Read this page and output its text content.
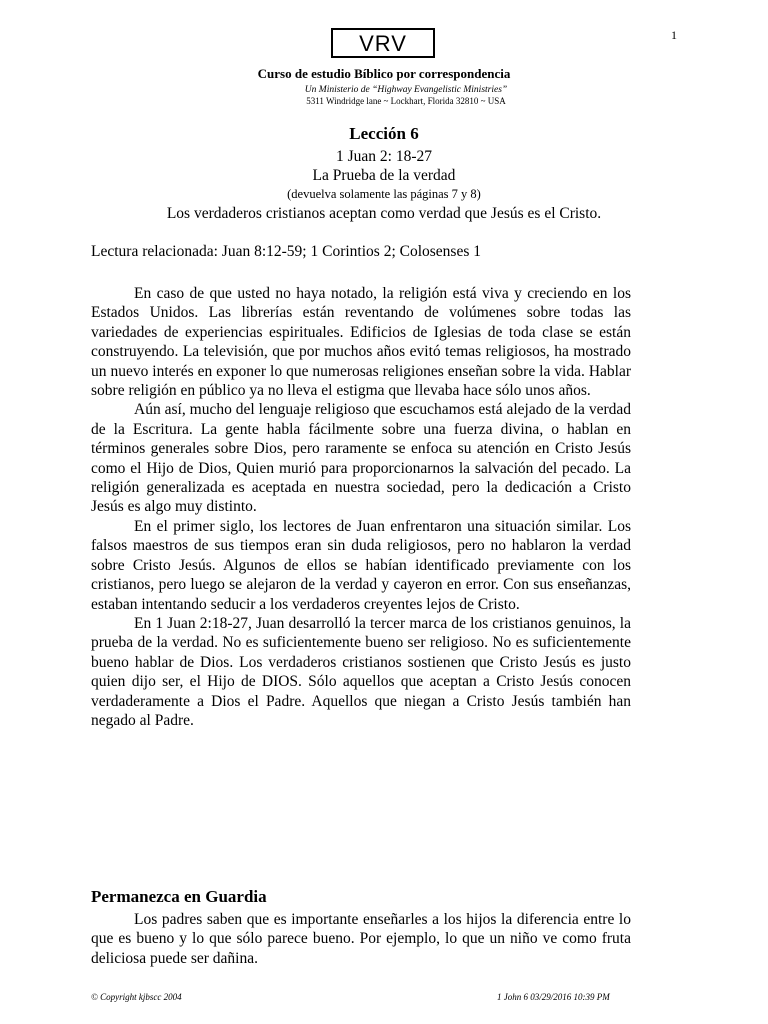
1
VRV
Curso de estudio Bíblico por correspondencia
Un Ministerio de “Highway Evangelistic Ministries”
5311 Windridge lane ~ Lockhart, Florida 32810 ~ USA
Lección 6
1 Juan 2: 18-27
La Prueba de la verdad
(devuelva solamente las páginas 7 y 8)
Los verdaderos cristianos aceptan como verdad que Jesús es el Cristo.
Lectura relacionada: Juan 8:12-59; 1 Corintios 2; Colosenses 1

En caso de que usted no haya notado, la religión está viva y creciendo en los Estados Unidos. Las librerías están reventando de volúmenes sobre todas las variedades de experiencias espirituales. Edificios de Iglesias de toda clase se están construyendo. La televisión, que por muchos años evitó temas religiosos, ha mostrado un nuevo interés en exponer lo que numerosas religiones enseñan sobre la vida. Hablar sobre religión en público ya no lleva el estigma que llevaba hace sólo unos años.

Aún así, mucho del lenguaje religioso que escuchamos está alejado de la verdad de la Escritura. La gente habla fácilmente sobre una fuerza divina, o hablan en términos generales sobre Dios, pero raramente se enfoca su atención en Cristo Jesús como el Hijo de Dios, Quien murió para proporcionarnos la salvación del pecado. La religión generalizada es aceptada en nuestra sociedad, pero la dedicación a Cristo Jesús es algo muy distinto.

En el primer siglo, los lectores de Juan enfrentaron una situación similar. Los falsos maestros de sus tiempos eran sin duda religiosos, pero no hablaron la verdad sobre Cristo Jesús. Algunos de ellos se habían identificado previamente con los cristianos, pero luego se alejaron de la verdad y cayeron en error. Con sus enseñanzas, estaban intentando seducir a los verdaderos creyentes lejos de Cristo.

En 1 Juan 2:18-27, Juan desarrolló la tercer marca de los cristianos genuinos, la prueba de la verdad. No es suficientemente bueno ser religioso. No es suficientemente bueno hablar de Dios. Los verdaderos cristianos sostienen que Cristo Jesús es justo quien dijo ser, el Hijo de DIOS. Sólo aquellos que aceptan a Cristo Jesús conocen verdaderamente a Dios el Padre. Aquellos que niegan a Cristo Jesús también han negado al Padre.

Permanezca en Guardia

Los padres saben que es importante enseñarles a los hijos la diferencia entre lo que es bueno y lo que sólo parece bueno. Por ejemplo, lo que un niño ve como fruta deliciosa puede ser dañina.

© Copyright kjbscc 2004	1 John 6 03/29/2016 10:39 PM
